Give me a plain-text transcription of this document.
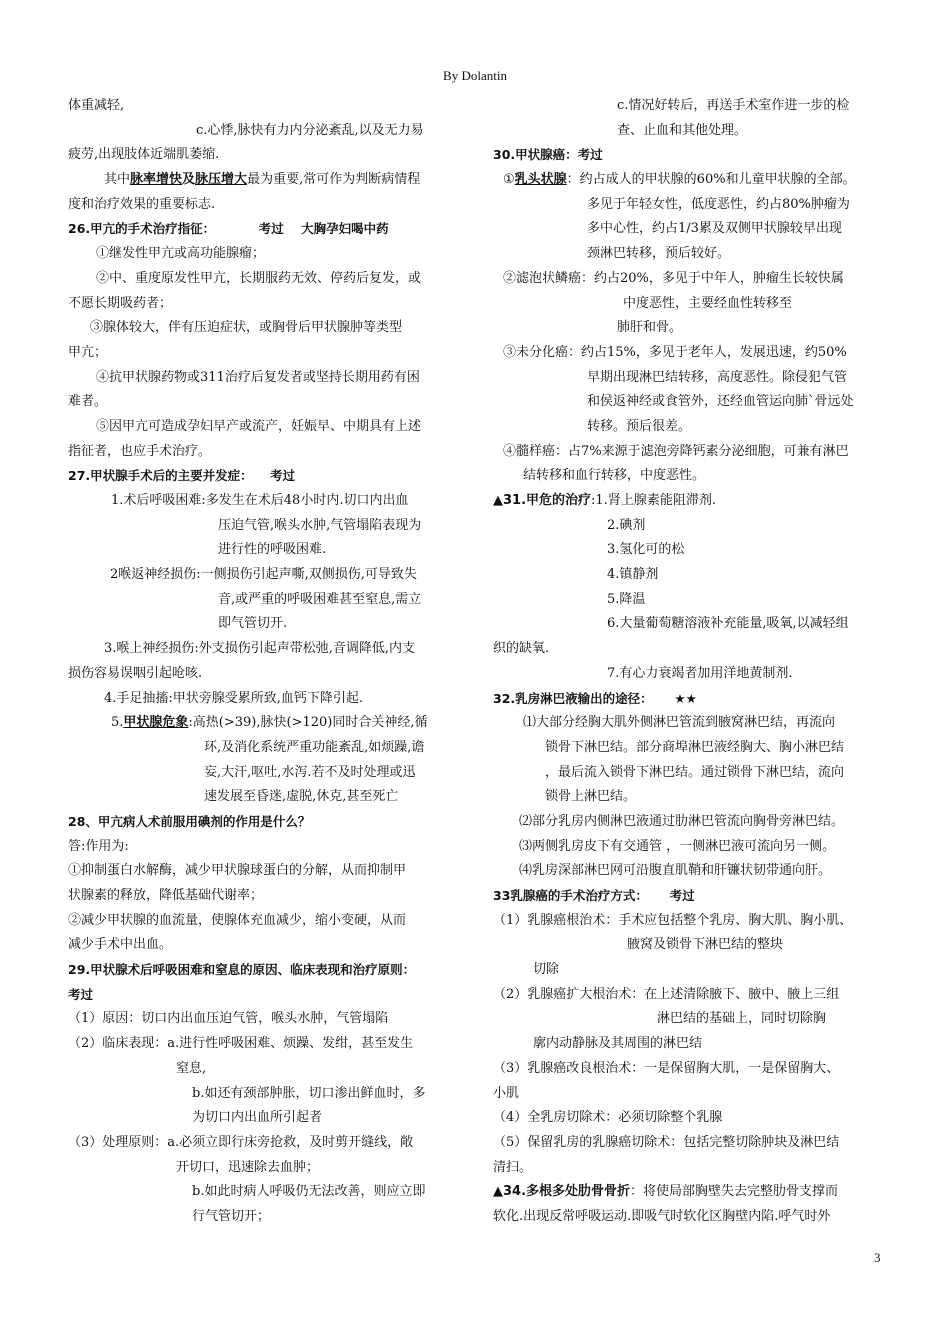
By Dolantin
体重减轻,
c.心悸,脉快有力内分泌紊乱,以及无力易
疲劳,出现肢体近端肌萎缩.
其中脉率增快及脉压增大最为重要,常可作为判断病情程
度和治疗效果的重要标志.
26.甲亢的手术治疗指征：          考过    大胸孕妇喝中药
①继发性甲亢或高功能腺瘤；
②中、重度原发性甲亢，长期服药无效、停药后复发，或
不愿长期吸药者；
③腺体较大，伴有压迫症状，或胸骨后甲状腺肿等类型
甲亢；
④抗甲状腺药物或311治疗后复发者或坚持长期用药有困
难者。
⑤因甲亢可造成孕妇早产或流产，妊娠早、中期具有上述
指征者，也应手术治疗。
27.甲状腺手术后的主要并发症：    考过
1.术后呼吸困难:多发生在术后48小时内.切口内出血
压迫气管,喉头水肿,气管塌陷表现为
进行性的呼吸困难.
2喉返神经损伤:一侧损伤引起声嘶,双侧损伤,可导致失
音,或严重的呼吸困难甚至窒息,需立
即气管切开.
3.喉上神经损伤:外支损伤引起声带松弛,音调降低,内支
损伤容易误咽引起呛咳.
4.手足抽搐:甲状旁腺受累所致,血钙下降引起.
5.甲状腺危象:高热(>39),脉快(>120)同时合关神经,循
环,及消化系统严重功能紊乱,如烦躁,谵
妄,大汗,呕吐,水泻.若不及时处理或迅
速发展至昏迷,虚脱,休克,甚至死亡
28、甲亢病人术前服用碘剂的作用是什么？
答:作用为:
①抑制蛋白水解酶，减少甲状腺球蛋白的分解，从而抑制甲
状腺素的释放，降低基础代谢率；
②减少甲状腺的血流量，使腺体充血减少，缩小变硬，从而
减少手术中出血。
29.甲状腺术后呼吸困难和窒息的原因、临床表现和治疗原则：
考过
（1）原因：切口内出血压迫气管，喉头水肿，气管塌陷
（2）临床表现：a.进行性呼吸困难、烦躁、发绀，甚至发生
窒息,
b.如还有颈部肿胀，切口渗出鲜血时，多
为切口内出血所引起者
（3）处理原则：a.必须立即行床旁抢救，及时剪开缝线，敞
开切口，迅速除去血肿；
b.如此时病人呼吸仍无法改善，则应立即
行气管切开；
c.情况好转后，再送手术室作进一步的检
查、止血和其他处理。
30.甲状腺癌：考过
①乳头状腺：约占成人的甲状腺的60%和儿童甲状腺的全部。
多见于年轻女性，低度恶性，约占80%肿瘤为
多中心性，约占1/3累及双侧甲状腺较早出现
颈淋巴转移，预后较好。
②滤泡状鳞癌：约占20%，多见于中年人，肿瘤生长较快属
中度恶性，主要经血性转移至
肺肝和骨。
③未分化癌：约占15%，多见于老年人，发展迅速，约50%
早期出现淋巴结转移，高度恶性。除侵犯气管
和侯返神经或食管外，还经血管运向肺`骨远处
转移。预后很差。
④髓样癌：占7%来源于滤泡旁降钙素分泌细胞，可兼有淋巴
结转移和血行转移，中度恶性。
▲31.甲危的治疗:1.肾上腺素能阻滞剂.
2.碘剂
3.氢化可的松
4.镇静剂
5.降温
6.大量葡萄糖溶液补充能量,吸氧,以减轻组
织的缺氧.
7.有心力衰竭者加用洋地黄制剂.
32.乳房淋巴液输出的途径：     ★★
⑴大部分经胸大肌外侧淋巴管流到腋窝淋巴结，再流向
锁骨下淋巴结。部分商埠淋巴液经胸大、胸小淋巴结
，最后流入锁骨下淋巴结。通过锁骨下淋巴结，流向
锁骨上淋巴结。
⑵部分乳房内侧淋巴液通过肋淋巴管流向胸骨旁淋巴结。
⑶两侧乳房皮下有交通管 ，一侧淋巴液可流向另一侧。
⑷乳房深部淋巴网可沿腹直肌鞘和肝镰状韧带通向肝。
33乳腺癌的手术治疗方式：     考过
（1）乳腺癌根治术：手术应包括整个乳房、胸大肌、胸小肌、
腋窝及锁骨下淋巴结的整块
切除
（2）乳腺癌扩大根治术：在上述清除腋下、腋中、腋上三组
淋巴结的基础上，同时切除胸
廓内动静脉及其周围的淋巴结
（3）乳腺癌改良根治术：一是保留胸大肌，一是保留胸大、
小肌
（4）全乳房切除术：必须切除整个乳腺
（5）保留乳房的乳腺癌切除术：包括完整切除肿块及淋巴结
清扫。
▲34.多根多处肋骨骨折：将使局部胸壁失去完整肋骨支撑而
软化.出现反常呼吸运动.即吸气时软化区胸壁内陷.呼气时外
3
